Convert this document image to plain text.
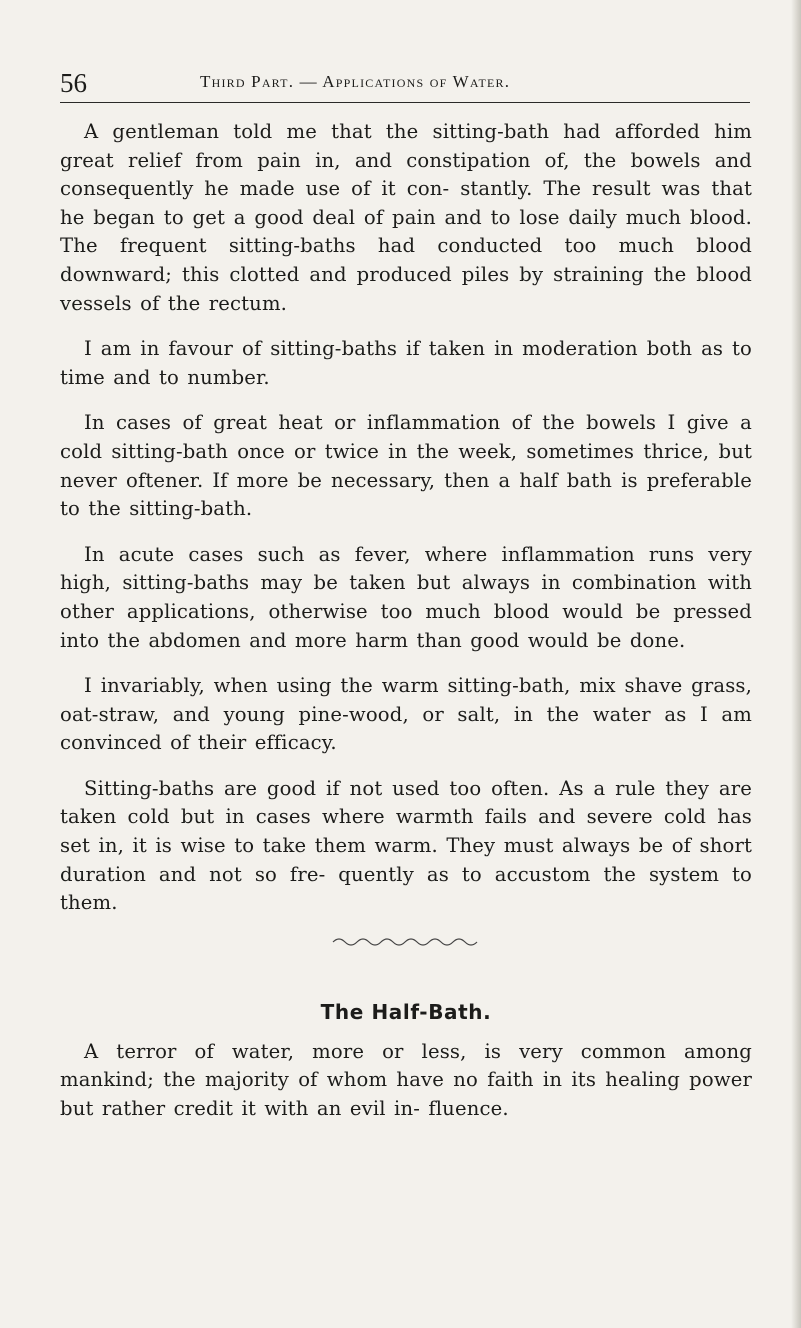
56	Third Part. — Applications of Water.

A gentleman told me that the sitting-bath had afforded him great relief from pain in, and constipation of, the bowels and consequently he made use of it con- stantly. The result was that he began to get a good deal of pain and to lose daily much blood. The frequent sitting-baths had conducted too much blood downward; this clotted and produced piles by straining the blood vessels of the rectum.

I am in favour of sitting-baths if taken in moderation both as to time and to number.

In cases of great heat or inflammation of the bowels I give a cold sitting-bath once or twice in the week, sometimes thrice, but never oftener. If more be necessary, then a half bath is preferable to the sitting-bath.

In acute cases such as fever, where inflammation runs very high, sitting-baths may be taken but always in combination with other applications, otherwise too much blood would be pressed into the abdomen and more harm than good would be done.

I invariably, when using the warm sitting-bath, mix shave grass, oat-straw, and young pine-wood, or salt, in the water as I am convinced of their efficacy.

Sitting-baths are good if not used too often. As a rule they are taken cold but in cases where warmth fails and severe cold has set in, it is wise to take them warm. They must always be of short duration and not so fre- quently as to accustom the system to them.

The Half-Bath.

A terror of water, more or less, is very common among mankind; the majority of whom have no faith in its healing power but rather credit it with an evil in- fluence.
